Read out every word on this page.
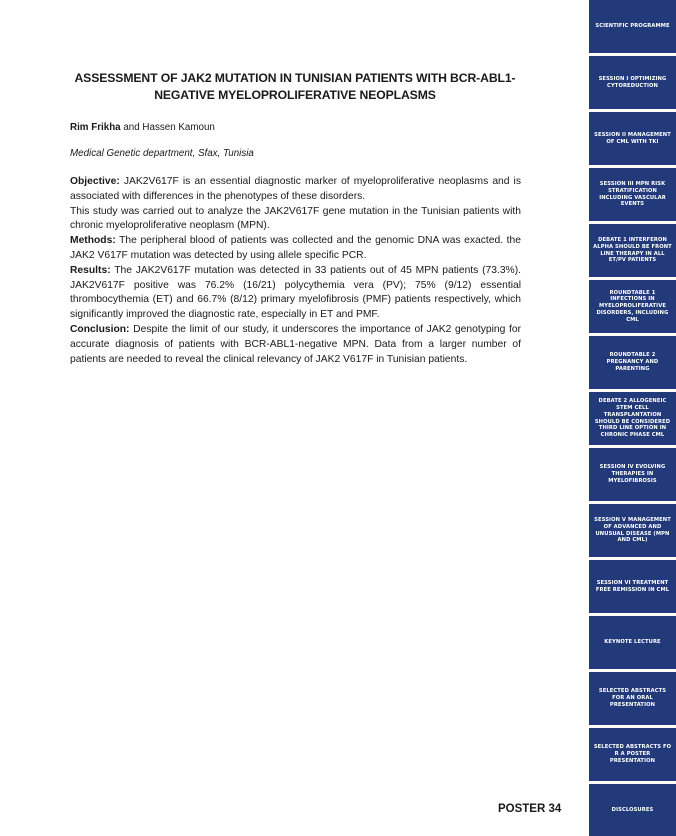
ASSESSMENT OF JAK2 MUTATION IN TUNISIAN PATIENTS WITH BCR-ABL1-NEGATIVE MYELOPROLIFERATIVE NEOPLASMS
Rim Frikha and Hassen Kamoun
Medical Genetic department, Sfax, Tunisia

Objective: JAK2V617F is an essential diagnostic marker of myeloproliferative neoplasms and is associated with differences in the phenotypes of these disorders.

This study was carried out to analyze the JAK2V617F gene mutation in the Tunisian patients with chronic myeloproliferative neoplasm (MPN).

Methods: The peripheral blood of patients was collected and the genomic DNA was exacted. the JAK2 V617F mutation was detected by using allele specific PCR.

Results: The JAK2V617F mutation was detected in 33 patients out of 45 MPN patients (73.3%). JAK2V617F positive was 76.2% (16/21) polycythemia vera (PV); 75% (9/12) essential thrombocythemia (ET) and 66.7% (8/12) primary myelofibrosis (PMF) patients respectively, which significantly improved the diagnostic rate, especially in ET and PMF.

Conclusion: Despite the limit of our study, it underscores the importance of JAK2 genotyping for accurate diagnosis of patients with BCR-ABL1-negative MPN. Data from a larger number of patients are needed to reveal the clinical relevancy of JAK2 V617F in Tunisian patients.

POSTER 34
SCIENTIFIC PROGRAMME
SESSION I OPTIMIZING CYTOREDUCTION
SESSION II MANAGEMENT OF CML WITH TKI
SESSION III MPN RISK STRATIFICATION INCLUDING VASCULAR EVENTS
DEBATE 1 INTERFERON ALPHA SHOULD BE FRONT LINE THERAPY IN ALL ET/PV PATIENTS
ROUNDTABLE 1 INFECTIONS IN MYELOPROLIFERATIVE DISORDERS, INCLUDING CML
ROUNDTABLE 2 PREGNANCY AND PARENTING
DEBATE 2 ALLOGENEIC STEM CELL TRANSPLANTATION SHOULD BE CONSIDERED THIRD LINE OPTION IN CHRONIC PHASE CML
SESSION IV EVOLVING THERAPIES IN MYELOFIBROSIS
SESSION V MANAGEMENT OF ADVANCED AND UNUSUAL DISEASE (MPN AND CML)
SESSION VI TREATMENT FREE REMISSION IN CML
KEYNOTE LECTURE
SELECTED ABSTRACTS FOR AN ORAL PRESENTATION
SELECTED ABSTRACTS FO R A POSTER PRESENTATION
DISCLOSURES
